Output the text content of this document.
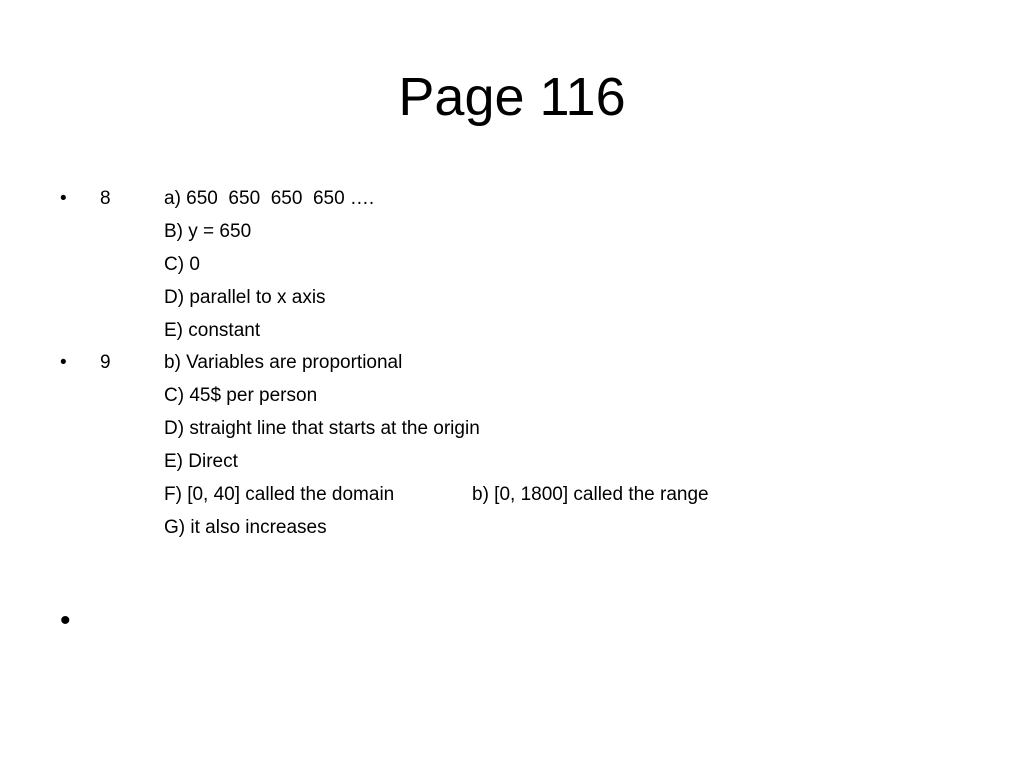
Page 116
• 8	a) 650  650  650  650 ….
B) y = 650
C) 0
D) parallel to x axis
E) constant
• 9	b) Variables are proportional
C) 45$ per person
D) straight line that starts at the origin
E) Direct
F) [0, 40] called the domain	b) [0, 1800] called the range
G) it also increases
•
